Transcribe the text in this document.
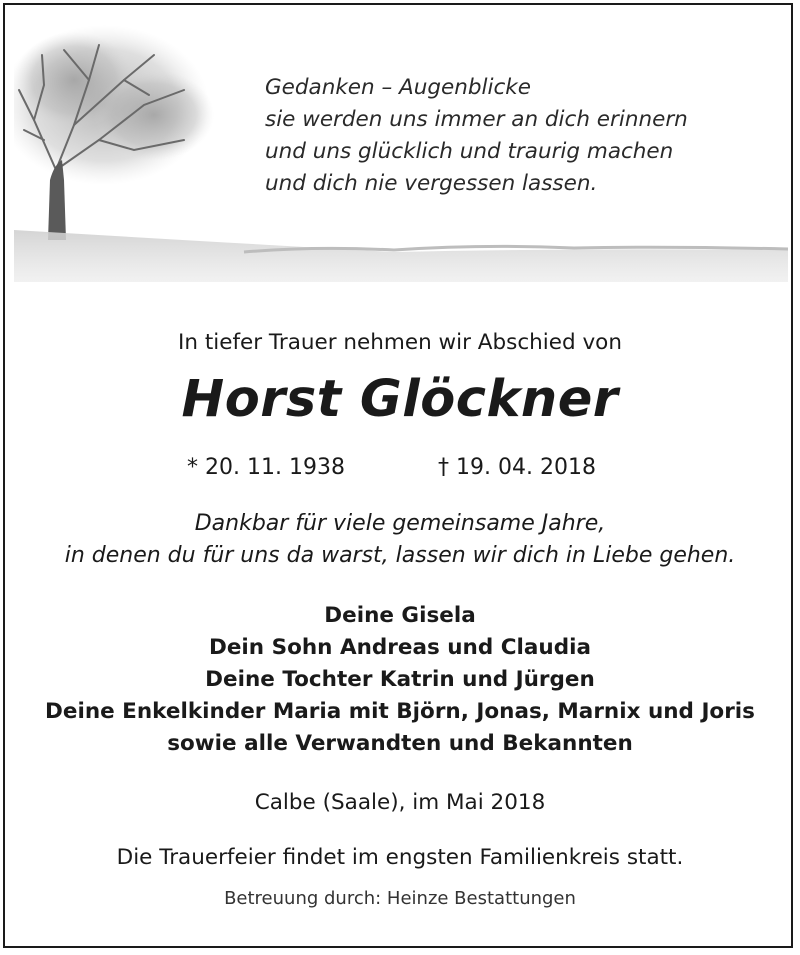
Gedanken – Augenblicke
sie werden uns immer an dich erinnern
und uns glücklich und traurig machen
und dich nie vergessen lassen.
In tiefer Trauer nehmen wir Abschied von
Horst Glöckner
* 20. 11. 1938	† 19. 04. 2018
Dankbar für viele gemeinsame Jahre,
in denen du für uns da warst, lassen wir dich in Liebe gehen.
Deine Gisela
Dein Sohn Andreas und Claudia
Deine Tochter Katrin und Jürgen
Deine Enkelkinder Maria mit Björn, Jonas, Marnix und Joris
sowie alle Verwandten und Bekannten
Calbe (Saale), im Mai 2018
Die Trauerfeier findet im engsten Familienkreis statt.
Betreuung durch: Heinze Bestattungen
